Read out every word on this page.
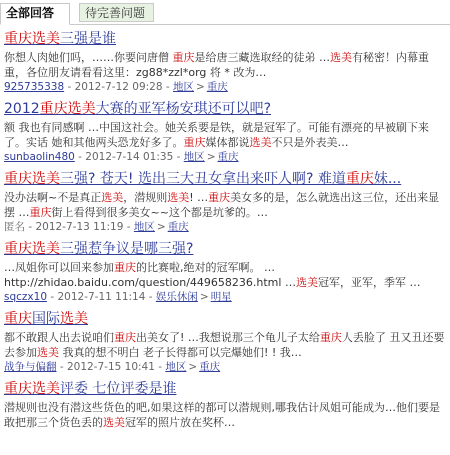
全部回答	待完善问题
重庆选美三强是谁
你想人肉她们吗，……你要问唐僧 重庆是给唐三藏选取经的徒弟 …选美有秘密！内幕重重，各位朋友请看看这里：zg88*zzl*org 将 * 改为…
925735338 - 2012-7-12 09:28 - 地区 > 重庆
2012重庆选美大赛的亚军杨安琪还可以吧?
额 我也有同感啊 …中国这社会。她关系要是铁，就是冠军了。可能有漂亮的早被刷下来了。实话 她和其他两头恐龙好多了。重庆媒体都说选美不只是外表美…
sunbaolin480 - 2012-7-14 01:35 - 地区 > 重庆
重庆选美三强? 苍天! 选出三大丑女拿出来吓人啊? 难道重庆妹...
没办法啊~不是真正选美，潜规则选美! …重庆美女多的是，怎么就选出这三位，还出来显摆 …重庆街上看得到很多美女~~这个都是坑爹的。…
匿名 - 2012-7-13 11:19 - 地区 > 重庆
重庆选美三强惹争议是哪三强?
…凤姐你可以回来参加重庆的比赛啦,绝对的冠军啊。 …http://zhidao.baidu.com/question/449658236.html …选美冠军，亚军，季军 …
sqczx10 - 2012-7-11 11:14 - 娱乐休闲 > 明星
重庆国际选美
都不敢跟人出去说咱们重庆出美女了! …我想说那三个龟儿子太给重庆人丢脸了 丑又丑还要去参加选美 我真的想不明白 老子长得都可以完爆她们! ! 我…
战争与偏翻 - 2012-7-15 10:41 - 地区 > 重庆
重庆选美评委 七位评委是谁
潜规则也没有潜这些货色的吧,如果这样的都可以潜规则,哪我估计凤姐可能成为…他们要是敢把那三个货色丢的选美冠军的照片放在奖杯…
